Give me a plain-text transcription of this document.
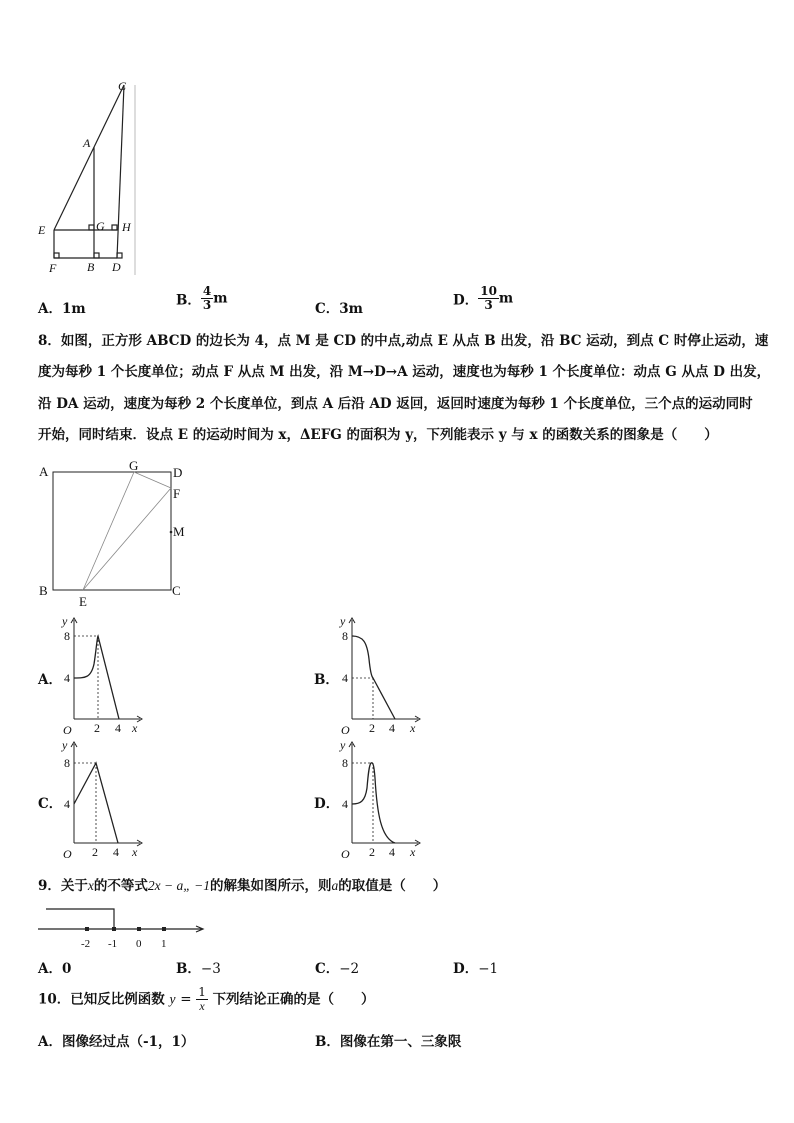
C
A
E	G H
F	B D
A．1m
B． $\frac{4}{3}$ m
C．3m
D． $\frac{10}{3}$ m
8．如图，正方形 ABCD 的边长为 4，点 M 是 CD 的中点,动点 E 从点 B 出发，沿 BC 运动，到点 C 时停止运动，速
度为每秒 1 个长度单位；动点 F 从点 M 出发，沿 M→D→A 运动，速度也为每秒 1 个长度单位：动点 G 从点 D 出发，
沿 DA 运动，速度为每秒 2 个长度单位，到点 A 后沿 AD 返回，返回时速度为每秒 1 个长度单位，三个点的运动同时
开始，同时结束．设点 E 的运动时间为 x，ΔEFG 的面积为 y，下列能表示 y 与 x 的函数关系的图象是（　　）
A	G	D
F
M
B
E
C
A．
y
8
4
O 2 4 x
B．
y
8
4
O 2 4 x
C．
y
8
4
O 2 4 x
D．
y
8
4
O 2 4 x
9．关于x的不等式2x − a„ −1的解集如图所示，则a的取值是（　　）
-2 -1 0 1
A．0	B．−3	C．−2	D．−1
10．已知反比例函数 $y = \frac{1}{x}$ 下列结论正确的是（　　）
A．图像经过点（-1，1）	B．图像在第一、三象限
